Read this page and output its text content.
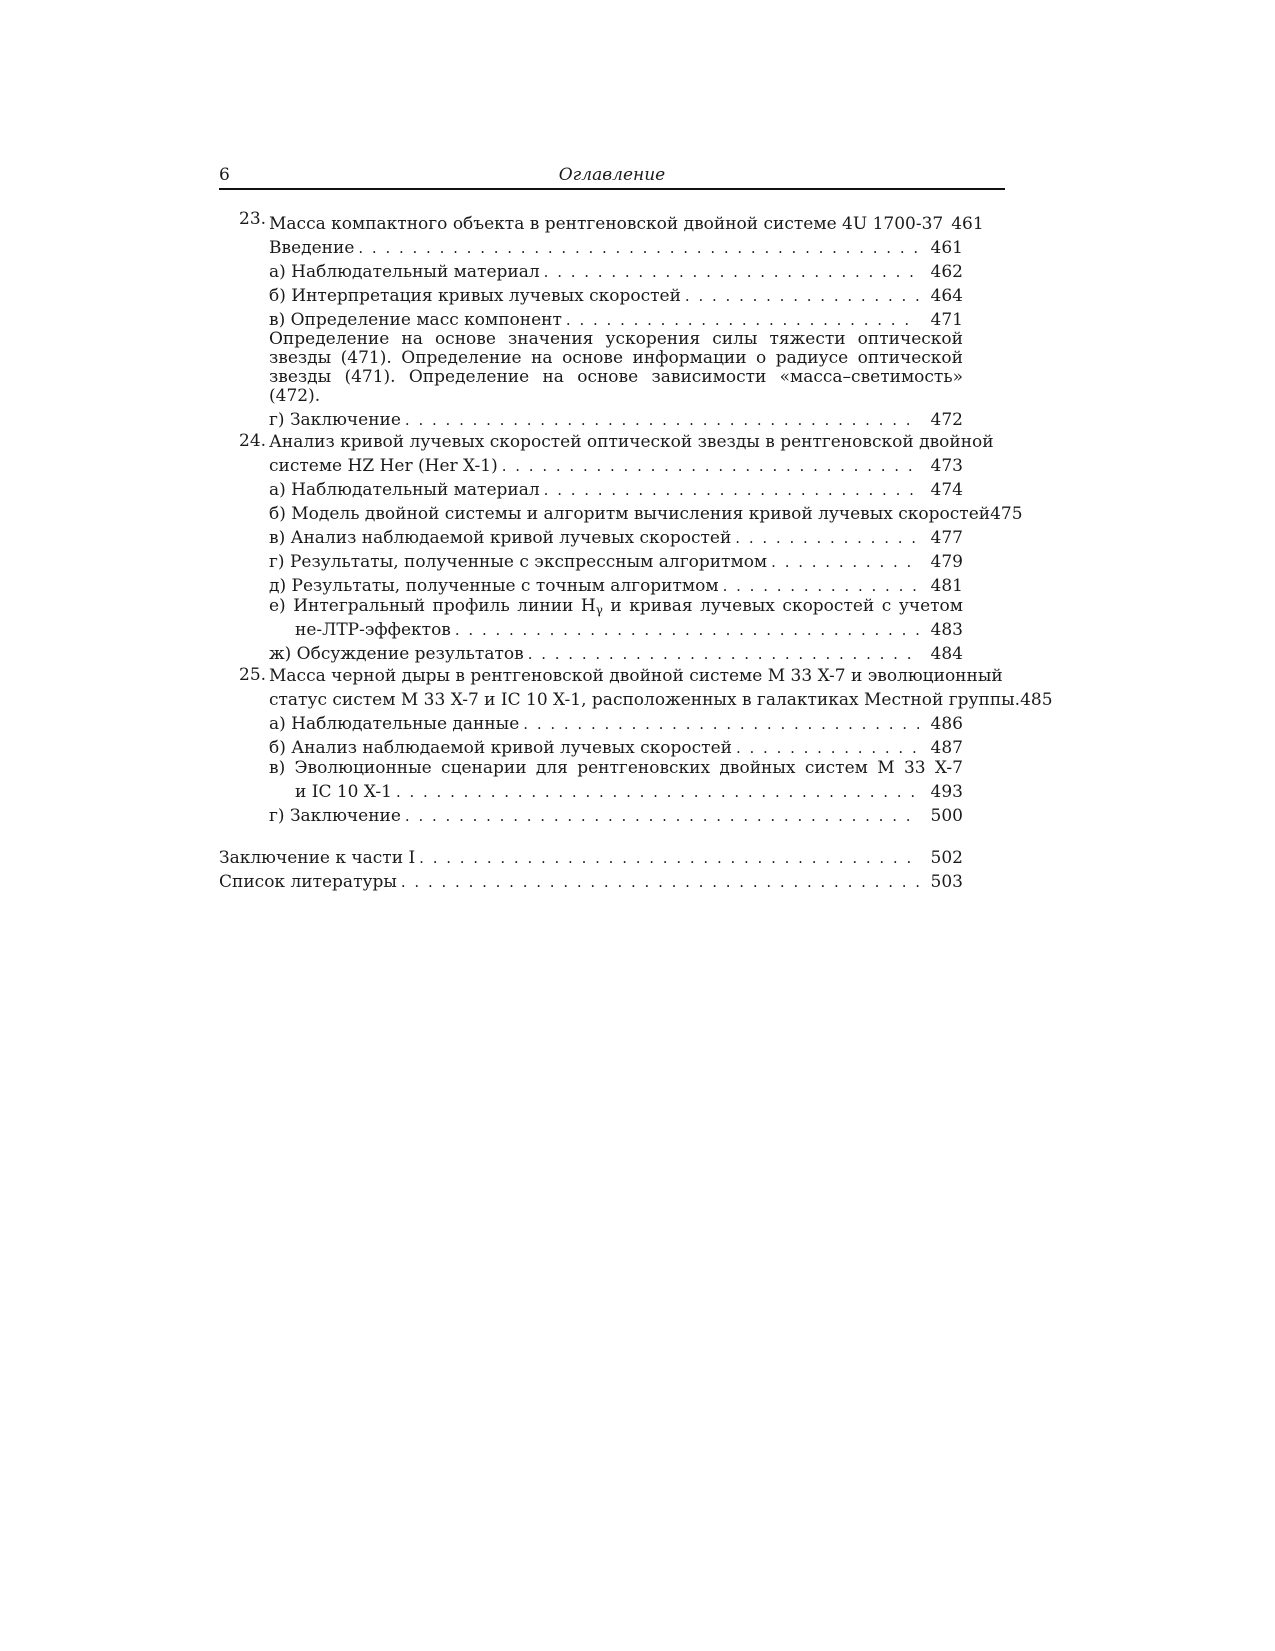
6	Оглавление
23. Масса компактного объекта в рентгеновской двойной системе 4U 1700-37 461
Введение . . .	461
а) Наблюдательный материал . . .	462
б) Интерпретация кривых лучевых скоростей . . .	464
в) Определение масс компонент . . .	471
Определение на основе значения ускорения силы тяжести оптической звезды (471). Определение на основе информации о радиусе оптической звезды (471). Определение на основе зависимости «масса–светимость» (472).
г) Заключение . . .	472
24. Анализ кривой лучевых скоростей оптической звезды в рентгеновской двойной
системе HZ Her (Her X-1) . . .	473
а) Наблюдательный материал . . .	474
б) Модель двойной системы и алгоритм вычисления кривой лучевых скоростей 475
в) Анализ наблюдаемой кривой лучевых скоростей . . .	477
г) Результаты, полученные с экспрессным алгоритмом . . .	479
д) Результаты, полученные с точным алгоритмом . . .	481
е) Интегральный профиль линии $H_\gamma$ и кривая лучевых скоростей с учетом
не-ЛТР-эффектов . . .	483
ж) Обсуждение результатов . . .	484
25. Масса черной дыры в рентгеновской двойной системе M 33 X-7 и эволюционный
статус систем M 33 X-7 и IC 10 X-1, расположенных в галактиках Местной группы. 485
а) Наблюдательные данные . . .	486
б) Анализ наблюдаемой кривой лучевых скоростей . . .	487
в) Эволюционные сценарии для рентгеновских двойных систем M 33 X-7
и IC 10 X-1 . . .	493
г) Заключение . . .	500
Заключение к части I . . .	502
Список литературы . . .	503
